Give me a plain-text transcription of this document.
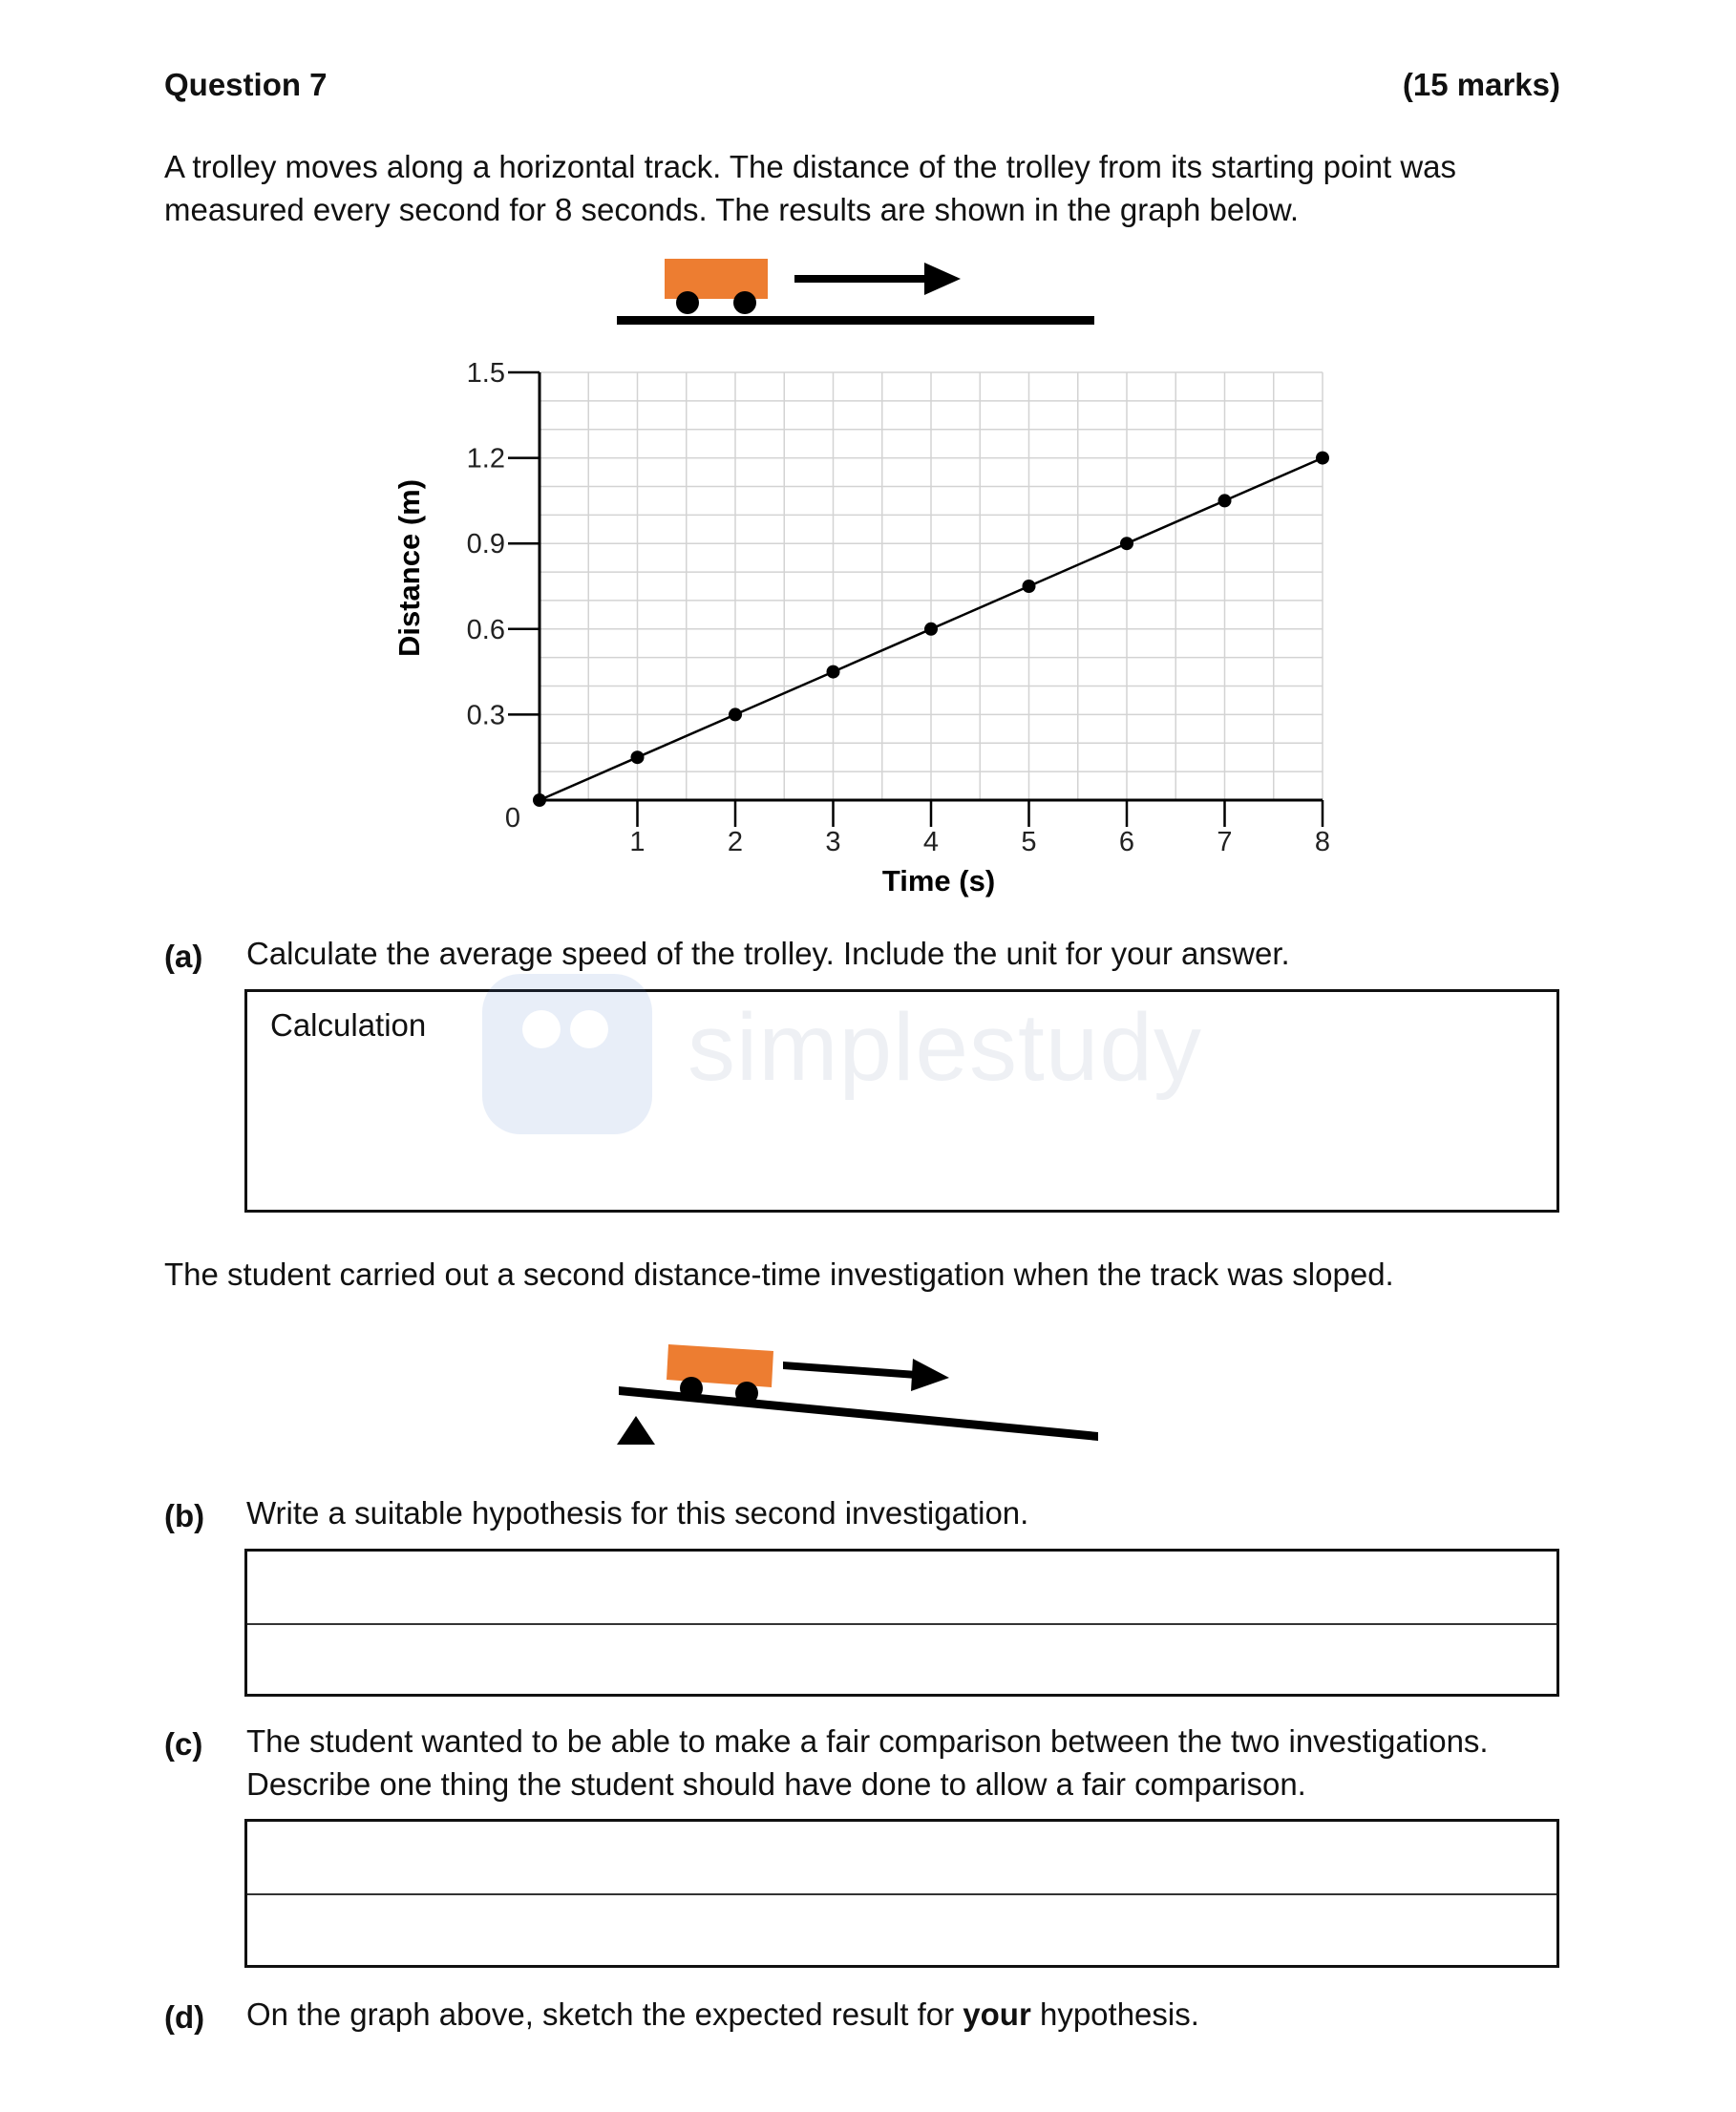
Question 7	(15 marks)
A trolley moves along a horizontal track. The distance of the trolley from its starting point was
measured every second for 8 seconds. The results are shown in the graph below.
1	2	3	4	5	6	7	8
0.3
0.6
0.9
1.2
1.5
0
Distance (m)
Time (s)
(a) Calculate the average speed of the trolley. Include the unit for your answer.
Calculation	simplestudy
The student carried out a second distance-time investigation when the track was sloped.
(b) Write a suitable hypothesis for this second investigation.
(c) The student wanted to be able to make a fair comparison between the two investigations.
Describe one thing the student should have done to allow a fair comparison.
(d) On the graph above, sketch the expected result for your hypothesis.
